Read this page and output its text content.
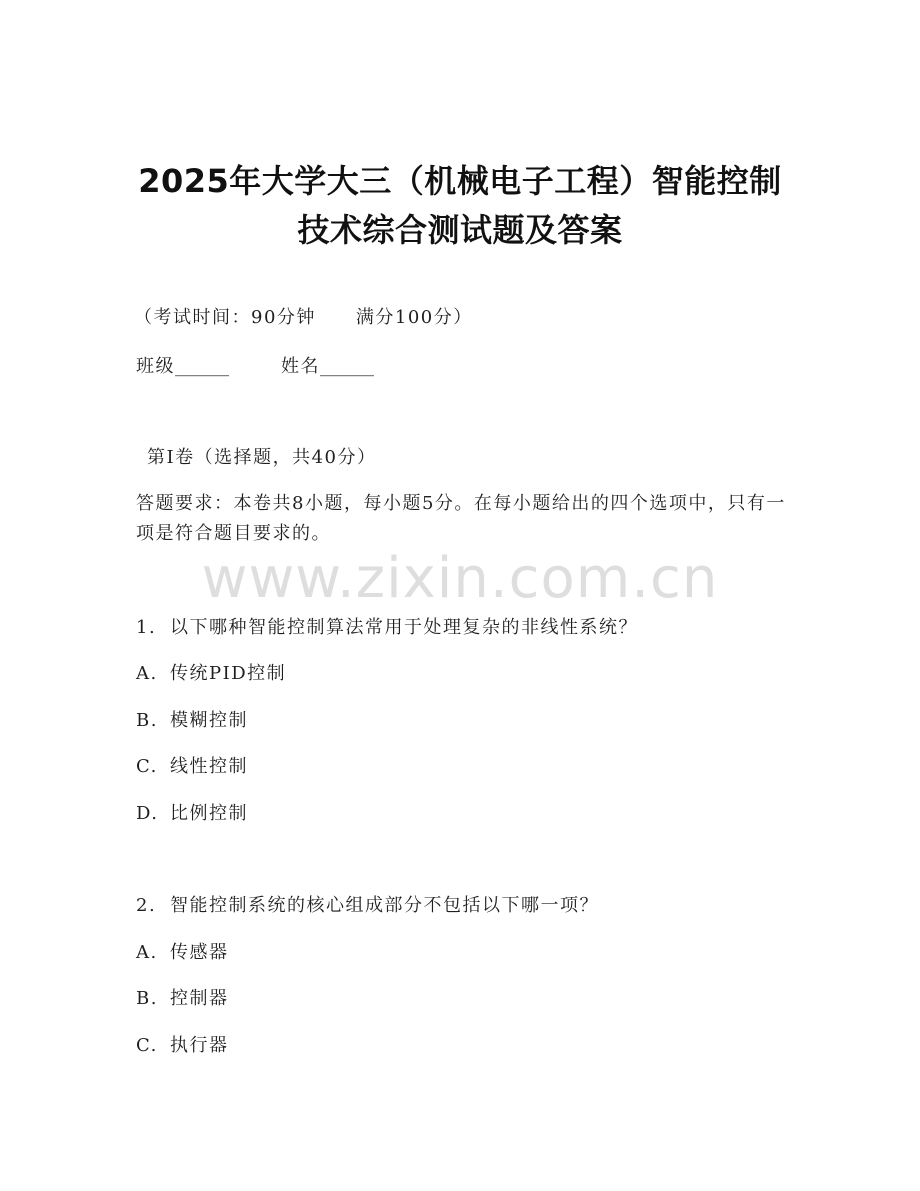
2025年大学大三（机械电子工程）智能控制
技术综合测试题及答案
（考试时间：90分钟 满分100分）
班级______	姓名______
第I卷（选择题，共40分）
答题要求：本卷共8小题，每小题5分。在每小题给出的四个选项中，只有一项是符合题目要求的。
www.zixin.com.cn
1. 以下哪种智能控制算法常用于处理复杂的非线性系统？
A. 传统PID控制
B. 模糊控制
C. 线性控制
D. 比例控制
2. 智能控制系统的核心组成部分不包括以下哪一项？
A. 传感器
B. 控制器
C. 执行器
